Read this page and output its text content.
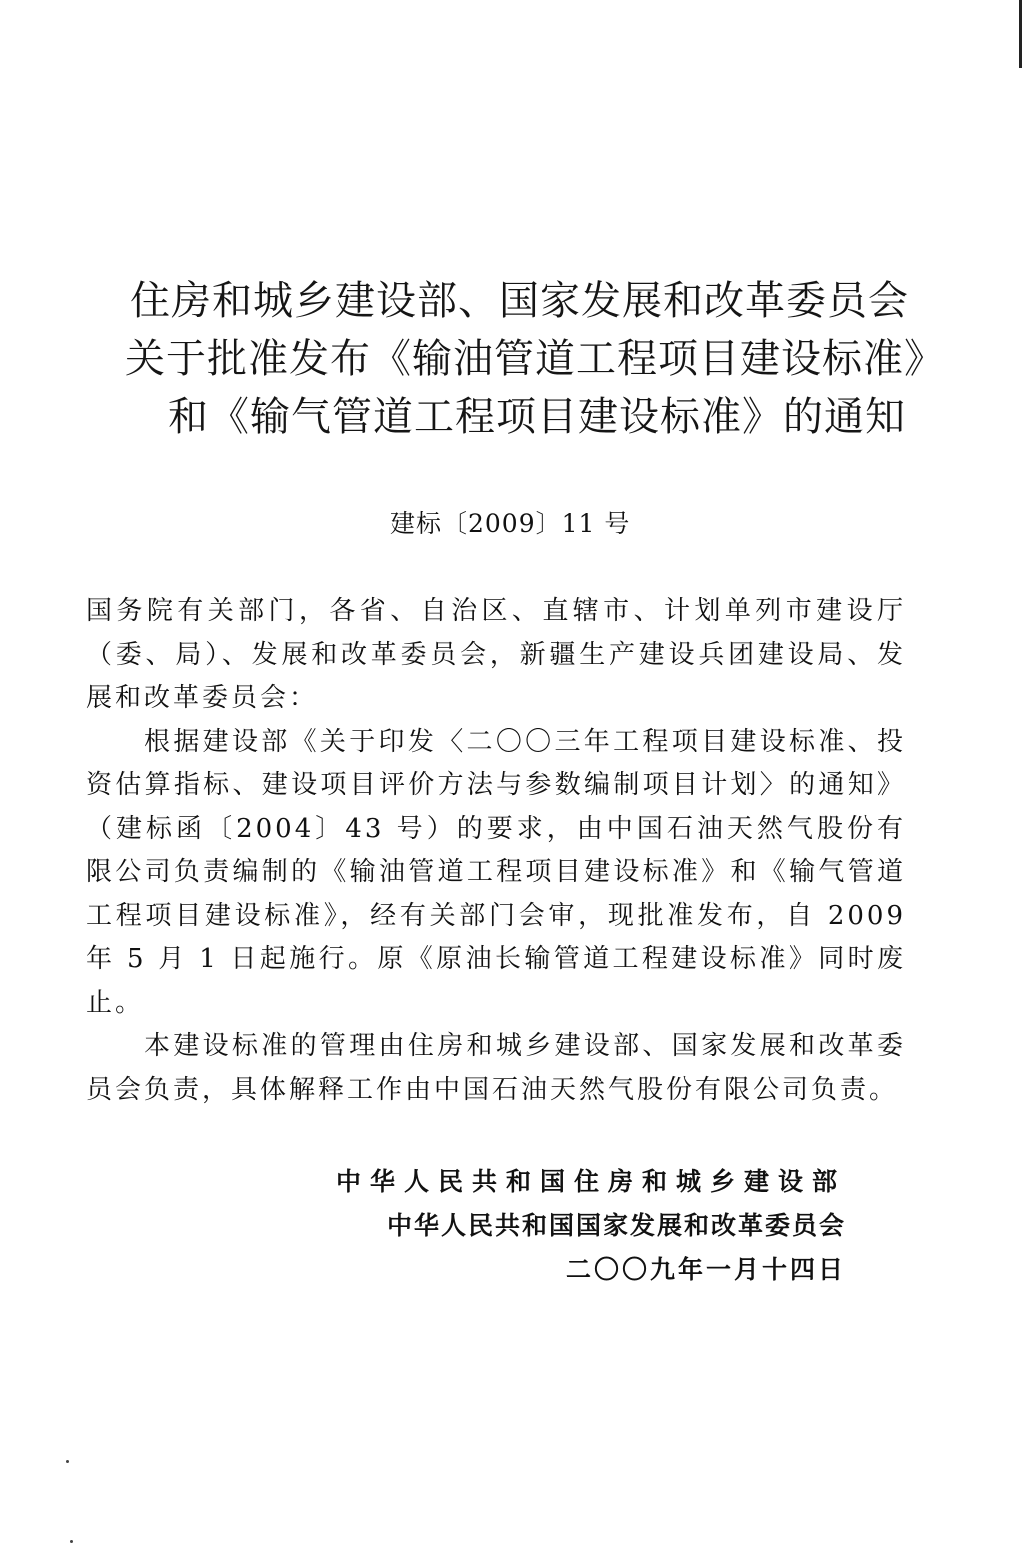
住房和城乡建设部、国家发展和改革委员会
关于批准发布《输油管道工程项目建设标准》
和《输气管道工程项目建设标准》的通知
建标〔2009〕11 号

国务院有关部门，各省、自治区、直辖市、计划单列市建设厅（委、局）、发展和改革委员会，新疆生产建设兵团建设局、发展和改革委员会：

根据建设部《关于印发〈二〇〇三年工程项目建设标准、投资估算指标、建设项目评价方法与参数编制项目计划〉的通知》（建标函〔2004〕43 号）的要求，由中国石油天然气股份有限公司负责编制的《输油管道工程项目建设标准》和《输气管道工程项目建设标准》，经有关部门会审，现批准发布，自 2009 年 5 月 1 日起施行。原《原油长输管道工程建设标准》同时废止。

本建设标准的管理由住房和城乡建设部、国家发展和改革委员会负责，具体解释工作由中国石油天然气股份有限公司负责。

中华人民共和国住房和城乡建设部
中华人民共和国国家发展和改革委员会
二〇〇九年一月十四日
